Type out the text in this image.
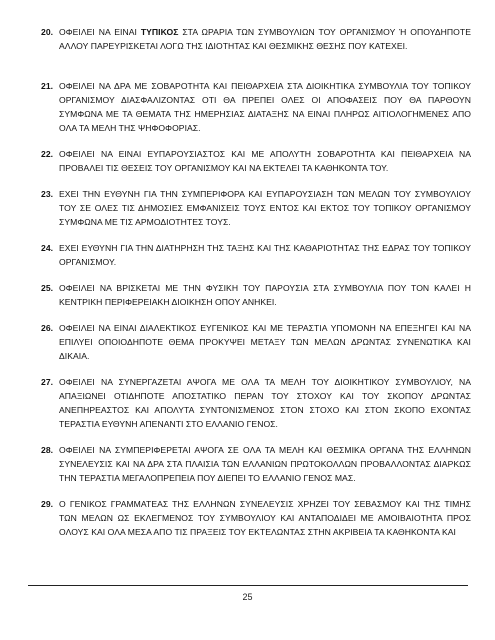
20. ΟΦΕΙΛΕΙ ΝΑ ΕΙΝΑΙ ΤΥΠΙΚΟΣ ΣΤΑ ΩΡΑΡΙΑ ΤΩΝ ΣΥΜΒΟΥΛΙΩΝ ΤΟΥ ΟΡΓΑΝΙΣΜΟΥ Ή ΟΠΟΥΔΗΠΟΤΕ ΑΛΛΟΥ ΠΑΡΕΥΡΙΣΚΕΤΑΙ ΛΟΓΩ ΤΗΣ ΙΔΙΟΤΗΤΑΣ ΚΑΙ ΘΕΣΜΙΚΗΣ ΘΕΣΗΣ ΠΟΥ ΚΑΤΕΧΕΙ.
21. ΟΦΕΙΛΕΙ ΝΑ ΔΡΑ ΜΕ ΣΟΒΑΡΟΤΗΤΑ ΚΑΙ ΠΕΙΘΑΡΧΕΙΑ ΣΤΑ ΔΙΟΙΚΗΤΙΚΑ ΣΥΜΒΟΥΛΙΑ ΤΟΥ ΤΟΠΙΚΟΥ ΟΡΓΑΝΙΣΜΟΥ ΔΙΑΣΦΑΛΙΖΟΝΤΑΣ ΟΤΙ ΘΑ ΠΡΕΠΕΙ ΟΛΕΣ ΟΙ ΑΠΟΦΑΣΕΙΣ ΠΟΥ ΘΑ ΠΑΡΘΟΥΝ ΣΥΜΦΩΝΑ ΜΕ ΤΑ ΘΕΜΑΤΑ ΤΗΣ ΗΜΕΡΗΣΙΑΣ ΔΙΑΤΑΞΗΣ ΝΑ ΕΙΝΑΙ ΠΛΗΡΩΣ ΑΙΤΙΟΛΟΓΗΜΕΝΕΣ ΑΠΟ ΟΛΑ ΤΑ ΜΕΛΗ ΤΗΣ ΨΗΦΟΦΟΡΙΑΣ.
22. ΟΦΕΙΛΕΙ ΝΑ ΕΙΝΑΙ ΕΥΠΑΡΟΥΣΙΑΣΤΟΣ ΚΑΙ ΜΕ ΑΠΟΛΥΤΗ ΣΟΒΑΡΟΤΗΤΑ ΚΑΙ ΠΕΙΘΑΡΧΕΙΑ ΝΑ ΠΡΟΒΑΛΕΙ ΤΙΣ ΘΕΣΕΙΣ ΤΟΥ ΟΡΓΑΝΙΣΜΟΥ ΚΑΙ ΝΑ ΕΚΤΕΛΕΙ ΤΑ ΚΑΘΗΚΟΝΤΑ ΤΟΥ.
23. ΕΧΕΙ ΤΗΝ ΕΥΘΥΝΗ ΓΙΑ ΤΗΝ ΣΥΜΠΕΡΙΦΟΡΑ ΚΑΙ ΕΥΠΑΡΟΥΣΙΑΣΗ ΤΩΝ ΜΕΛΩΝ ΤΟΥ ΣΥΜΒΟΥΛΙΟΥ ΤΟΥ ΣΕ ΟΛΕΣ ΤΙΣ ΔΗΜΟΣΙΕΣ ΕΜΦΑΝΙΣΕΙΣ ΤΟΥΣ ΕΝΤΟΣ ΚΑΙ ΕΚΤΟΣ ΤΟΥ ΤΟΠΙΚΟΥ ΟΡΓΑΝΙΣΜΟΥ ΣΥΜΦΩΝΑ ΜΕ ΤΙΣ ΑΡΜΟΔΙΟΤΗΤΕΣ ΤΟΥΣ.
24. ΕΧΕΙ ΕΥΘΥΝΗ ΓΙΑ ΤΗΝ ΔΙΑΤΗΡΗΣΗ ΤΗΣ ΤΑΞΗΣ ΚΑΙ ΤΗΣ ΚΑΘΑΡΙΟΤΗΤΑΣ ΤΗΣ ΕΔΡΑΣ ΤΟΥ ΤΟΠΙΚΟΥ ΟΡΓΑΝΙΣΜΟΥ.
25. ΟΦΕΙΛΕΙ ΝΑ ΒΡΙΣΚΕΤΑΙ ΜΕ ΤΗΝ ΦΥΣΙΚΗ ΤΟΥ ΠΑΡΟΥΣΙΑ ΣΤΑ ΣΥΜΒΟΥΛΙΑ ΠΟΥ ΤΟΝ ΚΑΛΕΙ Η ΚΕΝΤΡΙΚΗ ΠΕΡΙΦΕΡΕΙΑΚΗ ΔΙΟΙΚΗΣΗ ΟΠΟΥ ΑΝΗΚΕΙ.
26. ΟΦΕΙΛΕΙ ΝΑ ΕΙΝΑΙ ΔΙΑΛΕΚΤΙΚΟΣ ΕΥΓΕΝΙΚΟΣ ΚΑΙ ΜΕ ΤΕΡΑΣΤΙΑ ΥΠΟΜΟΝΗ ΝΑ ΕΠΕΞΗΓΕΙ ΚΑΙ ΝΑ ΕΠΙΛΥΕΙ ΟΠΟΙΟΔΗΠΟΤΕ ΘΕΜΑ ΠΡΟΚΥΨΕΙ ΜΕΤΑΞΥ ΤΩΝ ΜΕΛΩΝ ΔΡΩΝΤΑΣ ΣΥΝΕΝΩΤΙΚΑ ΚΑΙ ΔΙΚΑΙΑ.
27. ΟΦΕΙΛΕΙ ΝΑ ΣΥΝΕΡΓΑΖΕΤΑΙ ΑΨΟΓΑ ΜΕ ΟΛΑ ΤΑ ΜΕΛΗ ΤΟΥ ΔΙΟΙΚΗΤΙΚΟΥ ΣΥΜΒΟΥΛΙΟΥ, ΝΑ ΑΠΑΞΙΩΝΕΙ ΟΤΙΔΗΠΟΤΕ ΑΠΟΣΤΑΤΙΚΟ ΠΕΡΑΝ ΤΟΥ ΣΤΟΧΟΥ ΚΑΙ ΤΟΥ ΣΚΟΠΟΥ ΔΡΩΝΤΑΣ ΑΝΕΠΗΡΕΑΣΤΟΣ ΚΑΙ ΑΠΟΛΥΤΑ ΣΥΝΤΟΝΙΣΜΕΝΟΣ ΣΤΟΝ ΣΤΟΧΟ ΚΑΙ ΣΤΟΝ ΣΚΟΠΟ ΕΧΟΝΤΑΣ ΤΕΡΑΣΤΙΑ ΕΥΘΥΝΗ ΑΠΕΝΑΝΤΙ ΣΤΟ ΕΛΛΑΝΙΟ ΓΕΝΟΣ.
28. ΟΦΕΙΛΕΙ ΝΑ ΣΥΜΠΕΡΙΦΕΡΕΤΑΙ ΑΨΟΓΑ ΣΕ ΟΛΑ ΤΑ ΜΕΛΗ ΚΑΙ ΘΕΣΜΙΚΑ ΟΡΓΑΝΑ ΤΗΣ ΕΛΛΗΝΩΝ ΣΥΝΕΛΕΥΣΙΣ ΚΑΙ ΝΑ ΔΡΑ ΣΤΑ ΠΛΑΙΣΙΑ ΤΩΝ ΕΛΛΑΝΙΩΝ ΠΡΩΤΟΚΟΛΛΩΝ ΠΡΟΒΑΛΛΟΝΤΑΣ ΔΙΑΡΚΩΣ ΤΗΝ ΤΕΡΑΣΤΙΑ ΜΕΓΑΛΟΠΡΕΠΕΙΑ ΠΟΥ ΔΙΕΠΕΙ ΤΟ ΕΛΛΑΝΙΟ ΓΕΝΟΣ ΜΑΣ.
29. Ο ΓΕΝΙΚΟΣ ΓΡΑΜΜΑΤΕΑΣ ΤΗΣ ΕΛΛΗΝΩΝ ΣΥΝΕΛΕΥΣΙΣ ΧΡΗΖΕΙ ΤΟΥ ΣΕΒΑΣΜΟΥ ΚΑΙ ΤΗΣ ΤΙΜΗΣ ΤΩΝ ΜΕΛΩΝ ΩΣ ΕΚΛΕΓΜΕΝΟΣ ΤΟΥ ΣΥΜΒΟΥΛΙΟΥ ΚΑΙ ΑΝΤΑΠΟΔΙΔΕΙ ΜΕ ΑΜΟΙΒΑΙΟΤΗΤΑ ΠΡΟΣ ΟΛΟΥΣ ΚΑΙ ΟΛΑ ΜΕΣΑ ΑΠΟ ΤΙΣ ΠΡΑΞΕΙΣ ΤΟΥ ΕΚΤΕΛΩΝΤΑΣ ΣΤΗΝ ΑΚΡΙΒΕΙΑ ΤΑ ΚΑΘΗΚΟΝΤΑ ΚΑΙ
25
